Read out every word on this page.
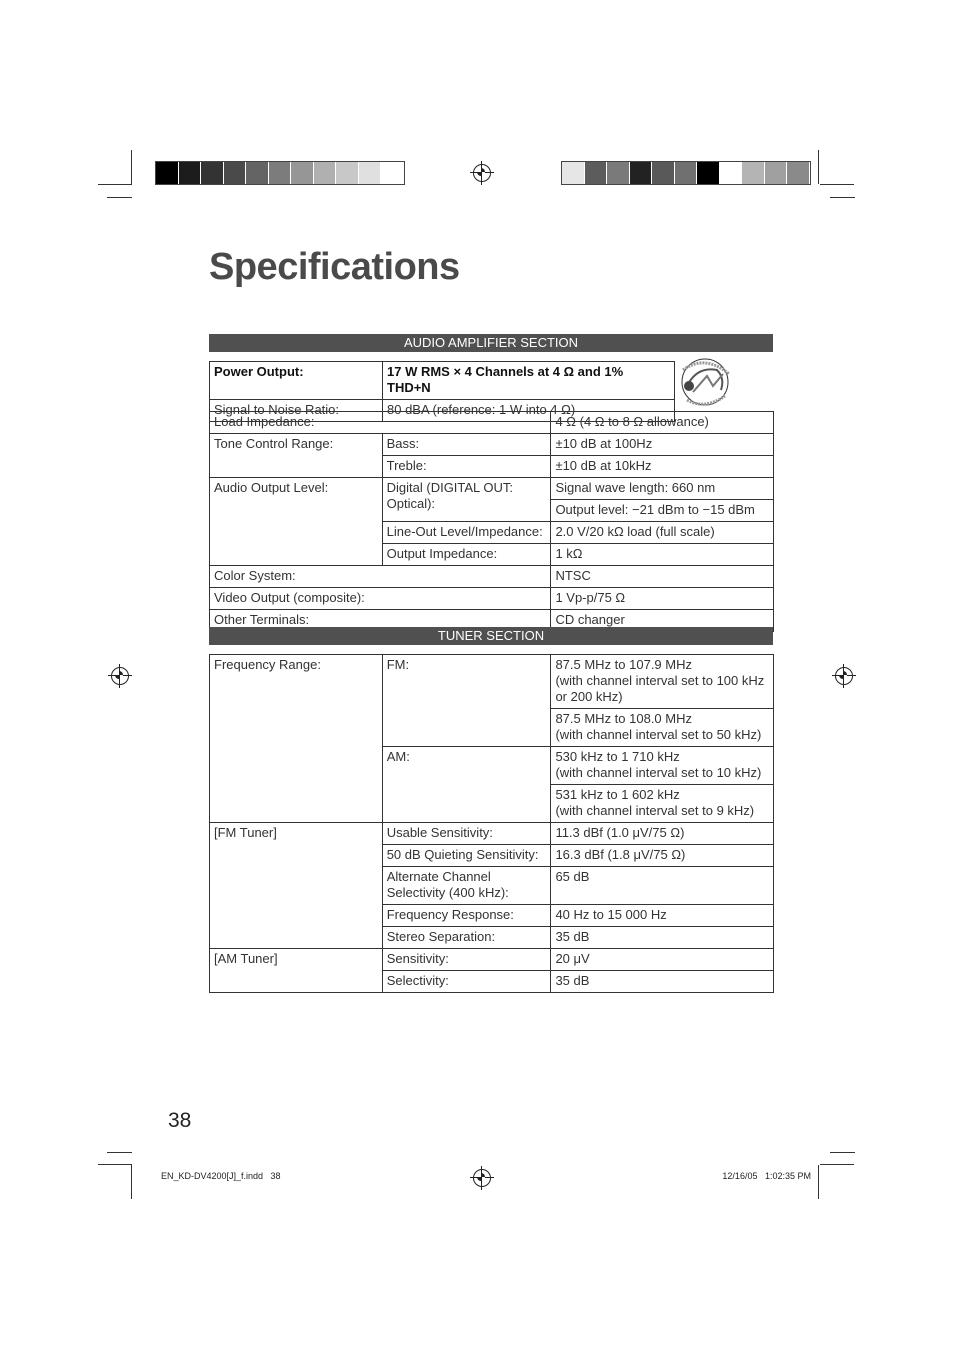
Specifications
AUDIO AMPLIFIER SECTION
Power Output:	17 W RMS × 4 Channels at 4 Ω and 1% THD+N
Signal to Noise Ratio:	80 dBA (reference: 1 W into 4 Ω)
Load Impedance:		4 Ω (4 Ω to 8 Ω allowance)
Tone Control Range:	Bass:	±10 dB at 100Hz
	Treble:	±10 dB at 10kHz
Audio Output Level:	Digital (DIGITAL OUT: Optical):	Signal wave length: 660 nm
		Output level: −21 dBm to −15 dBm
	Line-Out Level/Impedance:	2.0 V/20 kΩ load (full scale)
	Output Impedance:	1 kΩ
Color System:		NTSC
Video Output (composite):		1 Vp-p/75 Ω
Other Terminals:		CD changer
TUNER SECTION
Frequency Range:	FM:	87.5 MHz to 107.9 MHz
(with channel interval set to 100 kHz or 200 kHz)

		87.5 MHz to 108.0 MHz
(with channel interval set to 50 kHz)

	AM:	530 kHz to 1 710 kHz
(with channel interval set to 10 kHz)

		531 kHz to 1 602 kHz
(with channel interval set to 9 kHz)

[FM Tuner]	Usable Sensitivity:	11.3 dBf (1.0 μV/75 Ω)
	50 dB Quieting Sensitivity:	16.3 dBf (1.8 μV/75 Ω)
	Alternate Channel Selectivity (400 kHz):	65 dB
	Frequency Response:	40 Hz to 15 000 Hz
	Stereo Separation:	35 dB
[AM Tuner]	Sensitivity:	20 μV
	Selectivity:	35 dB
38
EN_KD-DV4200[J]_f.indd   38	12/16/05   1:02:35 PM
